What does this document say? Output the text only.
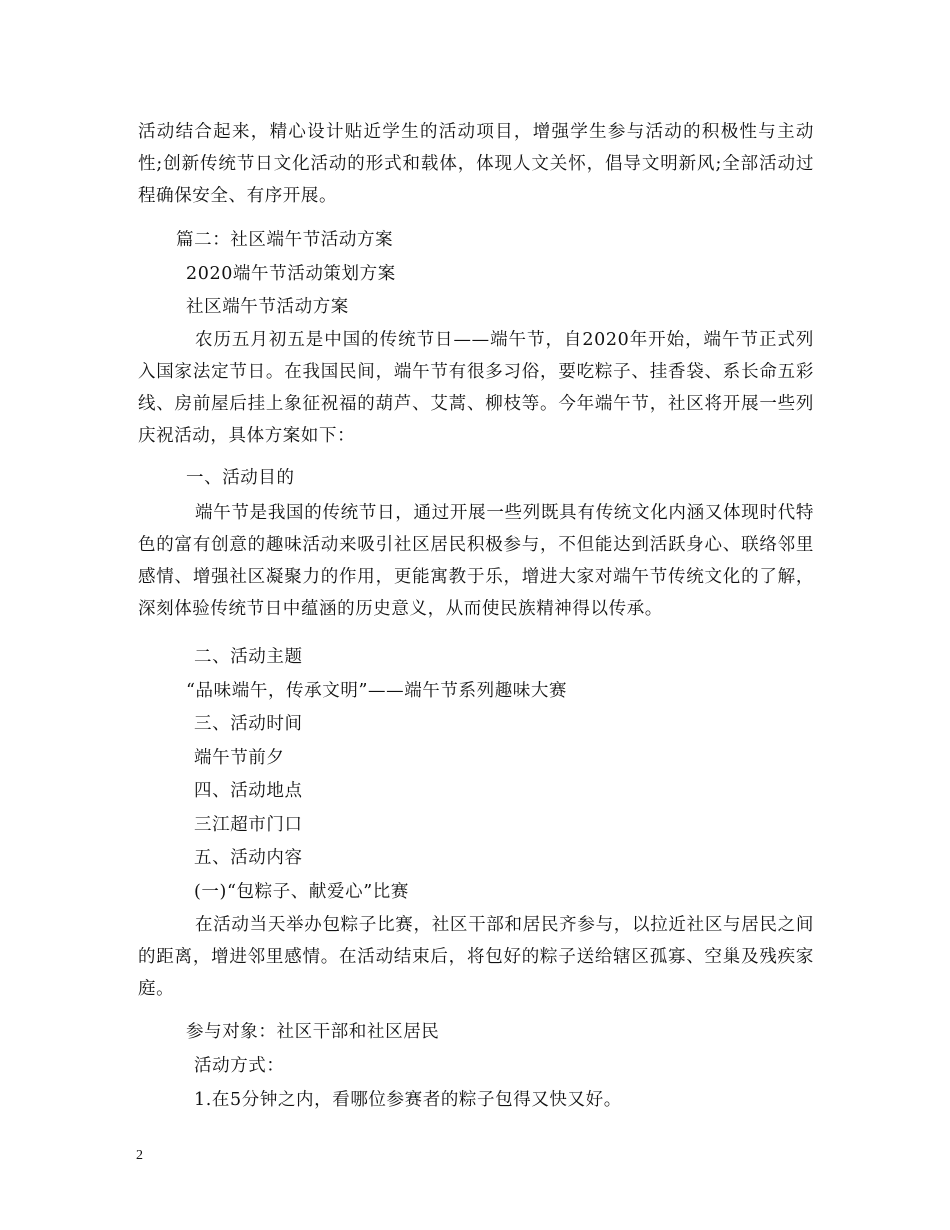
活动结合起来，精心设计贴近学生的活动项目，增强学生参与活动的积极性与主动性;创新传统节日文化活动的形式和载体，体现人文关怀，倡导文明新风;全部活动过程确保安全、有序开展。
篇二：社区端午节活动方案
2020端午节活动策划方案
社区端午节活动方案
农历五月初五是中国的传统节日——端午节，自2020年开始，端午节正式列入国家法定节日。在我国民间，端午节有很多习俗，要吃粽子、挂香袋、系长命五彩线、房前屋后挂上象征祝福的葫芦、艾蒿、柳枝等。今年端午节，社区将开展一些列庆祝活动，具体方案如下：
一、活动目的
端午节是我国的传统节日，通过开展一些列既具有传统文化内涵又体现时代特色的富有创意的趣味活动来吸引社区居民积极参与，不但能达到活跃身心、联络邻里感情、增强社区凝聚力的作用，更能寓教于乐，增进大家对端午节传统文化的了解，深刻体验传统节日中蕴涵的历史意义，从而使民族精神得以传承。
二、活动主题
“品味端午，传承文明”——端午节系列趣味大赛
三、活动时间
端午节前夕
四、活动地点
三江超市门口
五、活动内容
(一)“包粽子、献爱心”比赛
在活动当天举办包粽子比赛，社区干部和居民齐参与，以拉近社区与居民之间的距离，增进邻里感情。在活动结束后，将包好的粽子送给辖区孤寡、空巢及残疾家庭。
参与对象：社区干部和社区居民
活动方式：
1.在5分钟之内，看哪位参赛者的粽子包得又快又好。
2
